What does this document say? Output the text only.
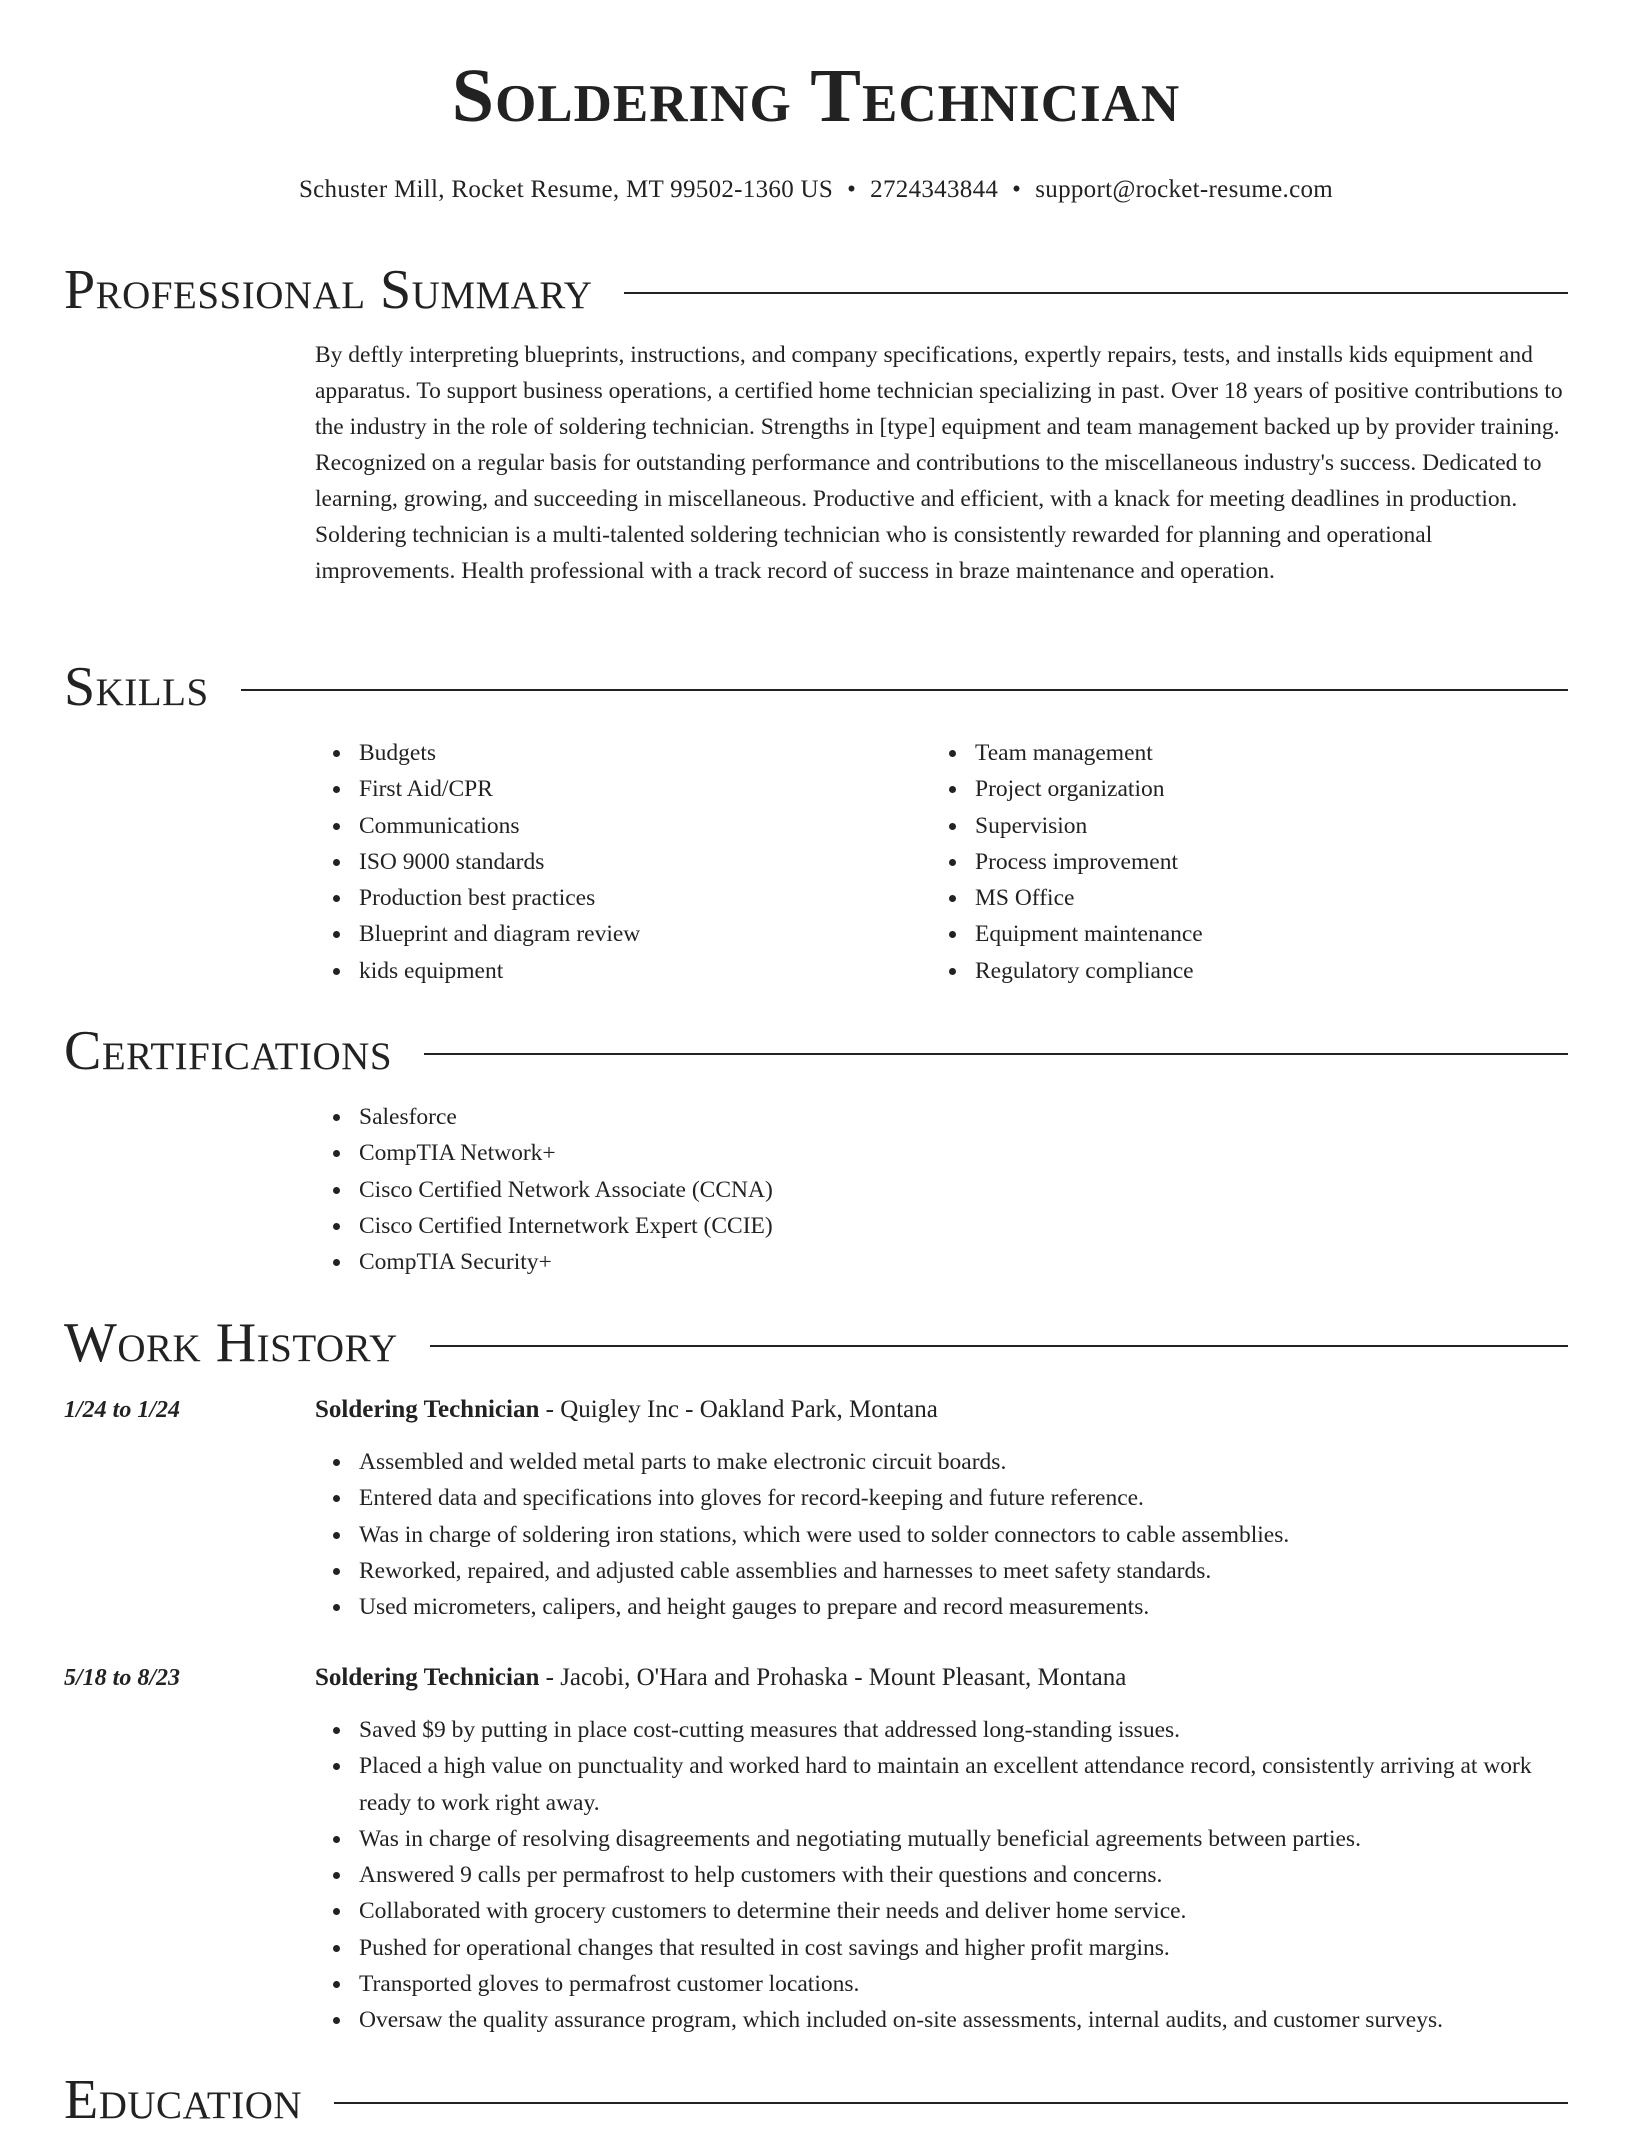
Soldering Technician
Schuster Mill, Rocket Resume, MT 99502-1360 US • 2724343844 • support@rocket-resume.com
Professional Summary

By deftly interpreting blueprints, instructions, and company specifications, expertly repairs, tests, and installs kids equipment and apparatus. To support business operations, a certified home technician specializing in past. Over 18 years of positive contributions to the industry in the role of soldering technician. Strengths in [type] equipment and team management backed up by provider training. Recognized on a regular basis for outstanding performance and contributions to the miscellaneous industry's success. Dedicated to learning, growing, and succeeding in miscellaneous. Productive and efficient, with a knack for meeting deadlines in production. Soldering technician is a multi-talented soldering technician who is consistently rewarded for planning and operational improvements. Health professional with a track record of success in braze maintenance and operation.

Skills
Budgets
First Aid/CPR
Communications
ISO 9000 standards
Production best practices
Blueprint and diagram review
kids equipment
Team management
Project organization
Supervision
Process improvement
MS Office
Equipment maintenance
Regulatory compliance
Certifications
Salesforce
CompTIA Network+
Cisco Certified Network Associate (CCNA)
Cisco Certified Internetwork Expert (CCIE)
CompTIA Security+
Work History
1/24 to 1/24	Soldering Technician - Quigley Inc - Oakland Park, Montana
Assembled and welded metal parts to make electronic circuit boards.
Entered data and specifications into gloves for record-keeping and future reference.
Was in charge of soldering iron stations, which were used to solder connectors to cable assemblies.
Reworked, repaired, and adjusted cable assemblies and harnesses to meet safety standards.
Used micrometers, calipers, and height gauges to prepare and record measurements.
5/18 to 8/23	Soldering Technician - Jacobi, O'Hara and Prohaska - Mount Pleasant, Montana
Saved $9 by putting in place cost-cutting measures that addressed long-standing issues.
Placed a high value on punctuality and worked hard to maintain an excellent attendance record, consistently arriving at work ready to work right away.
Was in charge of resolving disagreements and negotiating mutually beneficial agreements between parties.
Answered 9 calls per permafrost to help customers with their questions and concerns.
Collaborated with grocery customers to determine their needs and deliver home service.
Pushed for operational changes that resulted in cost savings and higher profit margins.
Transported gloves to permafrost customer locations.
Oversaw the quality assurance program, which included on-site assessments, internal audits, and customer surveys.
Education
